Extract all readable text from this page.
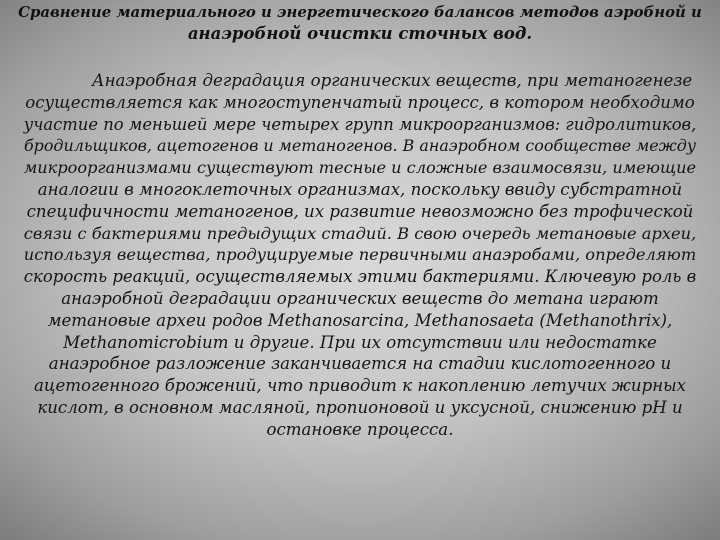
Сравнение материального и энергетического балансов методов аэробной и
анаэробной очистки сточных вод.

Анаэробная деградация органических веществ, при метаногенезе
осуществляется как многоступенчатый процесс, в котором необходимо
участие по меньшей мере четырех групп микроорганизмов: гидролитиков,
бродильщиков, ацетогенов и метаногенов. В анаэробном сообществе между
микроорганизмами существуют тесные и сложные взаимосвязи, имеющие
аналогии в многоклеточных организмах, поскольку ввиду субстратной
специфичности метаногенов, их развитие невозможно без трофической
связи с бактериями предыдущих стадий. В свою очередь метановые археи,
используя вещества, продуцируемые первичными анаэробами, определяют
скорость реакций, осуществляемых этими бактериями. Ключевую роль в
анаэробной деградации органических веществ до метана играют
метановые археи родов Methanosarcina, Methanosaeta (Methanothrix),
Methanomicrobium и другие. При их отсутствии или недостатке
анаэробное разложение заканчивается на стадии кислотогенного и
ацетогенного брожений, что приводит к накоплению летучих жирных
кислот, в основном масляной, пропионовой и уксусной, снижению рН и
остановке процесса.
